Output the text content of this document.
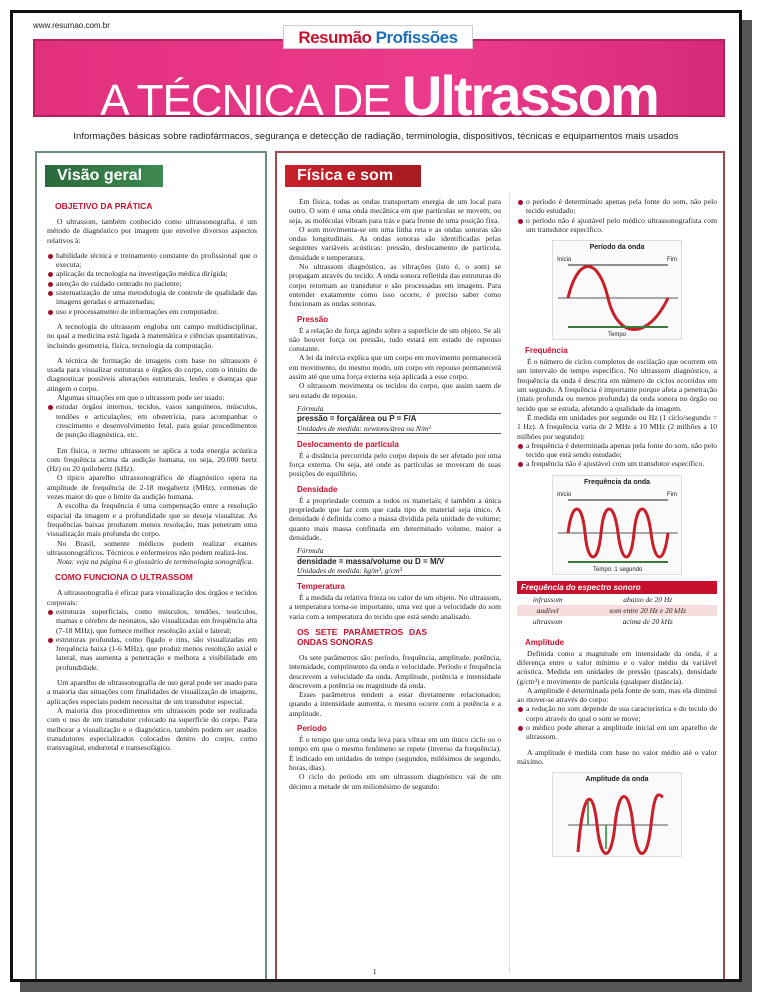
www.resumao.com.br
Resumão Profissões
A TÉCNICA DE Ultrassom
Informações básicas sobre radiofármacos, segurança e detecção de radiação, terminologia, dispositivos, técnicas e equipamentos mais usados
Visão geral
OBJETIVO DA PRÁTICA

O ultrassom, também conhecido como ultrassonografia, é um método de diagnóstico por imagem que envolve diversos aspectos relativos à:

habilidade técnica e treinamento constante do profissional que o executa;
aplicação da tecnologia na investigação médica dirigida;
atenção do cuidado centrado no paciente;
sistematização de uma metodologia de controle de qualidade das imagens geradas e armazenadas;
uso e processamento de informações em computador.

A tecnologia do ultrassom engloba um campo multidisciplinar, no qual a medicina está ligada à matemática e ciências quantitativas, incluindo geometria, física, tecnologia da computação.

A técnica de formação de imagens com base no ultrassom é usada para visualizar estruturas e órgãos do corpo, com o intuito de diagnosticar possíveis alterações estruturais, lesões e doenças que atingem o corpo.

Algumas situações em que o ultrassom pode ser usado:

estudar órgãos internos, tecidos, vasos sanguíneos, músculos, tendões e articulações; em obstetrícia, para acompanhar o crescimento e desenvolvimento fetal, para guiar procedimentos de punção diagnóstica, etc.

Em física, o termo ultrassom se aplica a toda energia acústica com frequência acima da audição humana, ou seja, 20.000 hertz (Hz) ou 20 quilohertz (kHz).

O típico aparelho ultrassonográfico de diagnóstico opera na amplitude de frequência de 2-18 megahertz (MHz), centenas de vezes maior do que o limite da audição humana.

A escolha da frequência é uma compensação entre a resolução espacial da imagem e a profundidade que se deseja visualizar. As frequências baixas produzem menos resolução, mas penetram uma visualização mais profunda do corpo.

No Brasil, somente médicos podem realizar exames ultrassonográficos. Técnicos e enfermeiros não podem realizá-los.

Nota: veja na página 6 o glossário de terminologia sonográfica.

COMO FUNCIONA O ULTRASSOM

A ultrassonografia é eficaz para visualização dos órgãos e tecidos corporais:

estruturas superficiais, como músculos, tendões, testículos, mamas e cérebro de neonatos, são visualizadas em frequência alta (7-18 MHz), que fornece melhor resolução axial e lateral;
estruturas profundas, como fígado e rins, são visualizadas em frequência baixa (1-6 MHz), que produz menos resolução axial e lateral, mas aumenta a penetração e melhora a visibilidade em profundidade.

Um aparelho de ultrassonografia de uso geral pode ser usado para a maioria das situações com finalidades de visualização de imagens, aplicações especiais podem necessitar de um transdutor especial.

A maioria dos procedimentos em ultrassom pode ser realizada com o uso de um transdutor colocado na superfície do corpo. Para melhorar a visualização e o diagnóstico, também podem ser usados transdutores especializados colocados dentro do corpo, como transvaginal, endorretal e transesofágico.

Física e som

Em física, todas as ondas transportam energia de um local para outro. O som é uma onda mecânica em que partículas se movem; ou seja, as moléculas vibram para trás e para frente de uma posição fixa.

O som movimenta-se em uma linha reta e as ondas sonoras são ondas longitudinais. As ondas sonoras são identificadas pelas seguintes variáveis acústicas: pressão, deslocamento de partícula, densidade e temperatura.

No ultrassom diagnóstico, as vibrações (isto é, o som) se propagam através do tecido. A onda sonora refletida das estruturas do corpo retornam ao transdutor e são processadas em imagens. Para entender exatamente como isso ocorre, é preciso saber como funcionam as ondas sonoras.

Pressão

É a relação de força agindo sobre a superfície de um objeto. Se ali não houver força ou pressão, tudo estará em estado de repouso constante.

A lei da inércia explica que um corpo em movimento permanecerá em movimento, do mesmo modo, um corpo em repouso permanecerá assim até que uma força externa seja aplicada a esse corpo.

O ultrassom movimenta os tecidos do corpo, que assim saem de seu estado de repouso.

Fórmula
pressão = força/área ou P = F/A
Unidades de medida: newtons/área ou N/m²
Deslocamento de partícula

É a distância percorrida pelo corpo depois de ser afetado por uma força externa. Ou seja, até onde as partículas se moveram de suas posições de equilíbrio.

Densidade

É a propriedade comum a todos os materiais; é também a única propriedade que faz com que cada tipo de material seja único. A densidade é definida como a massa dividida pela unidade de volume; quanto mais massa confinada em determinado volume, maior a densidade.

Fórmula
densidade = massa/volume ou D = M/V
Unidades de medida: kg/m³, g/cm³
Temperatura

É a medida da relativa frieza ou calor de um objeto. No ultrassom, a temperatura torna-se importante, uma vez que a velocidade do som varia com a temperatura do tecido que está sendo analisado.

OS SETE PARÂMETROS DAS ONDAS SONORAS

Os sete parâmetros são: período, frequência, amplitude, potência, intensidade, comprimento da onda e velocidade. Período e frequência descrevem a velocidade da onda. Amplitude, potência e intensidade descrevem a potência ou magnitude da onda.

Esses parâmetros tendem a estar diretamente relacionados; quando a intensidade aumenta, o mesmo ocorre com a potência e a amplitude.

Período

É o tempo que uma onda leva para vibrar em um único ciclo ou o tempo em que o mesmo fenômeno se repete (inverso da frequência). É indicado em unidades de tempo (segundos, milésimos de segundo, horas, dias).

O ciclo do período em um ultrassom diagnóstico vai de um décimo a metade de um milionésimo de segundo:

o período é determinado apenas pela fonte do som, não pelo tecido estudado;
o período não é ajustável pelo médico ultrassonografista com um transdutor específico.
Período da onda
Início	Fim
Tempo
Frequência

É o número de ciclos completos de oscilação que ocorrem em um intervalo de tempo específico. No ultrassom diagnóstico, a frequência da onda é descrita em número de ciclos ocorridos em um segundo. A frequência é importante porque afeta a penetração (mais profunda ou menos profunda) da onda sonora no órgão ou tecido que se estuda, afetando a qualidade da imagem.

É medida em unidades por segundo ou Hz (1 ciclo/segundo = 1 Hz). A frequência varia de 2 MHz a 10 MHz (2 milhões a 10 milhões por segundo):

a frequência é determinada apenas pela fonte do som, não pelo tecido que está sendo estudado;
a frequência não é ajustável com um transdutor específico.
Frequência da onda
Início	Fim
Tempo: 1 segundo
Frequência do espectro sonoro	
infrassom	abaixo de 20 Hz
audível	som entre 20 Hz e 20 kHz
ultrassom	acima de 20 kHz
Amplitude

Definida como a magnitude em intensidade da onda, é a diferença entre o valor mínimo e o valor médio da variável acústica. Medida em unidades de pressão (pascals), densidade (g/cm³) e movimento de partícula (qualquer distância).

A amplitude é determinada pela fonte de som, mas ela diminui ao mover-se através do corpo:

a redução no som depende de sua característica e do tecido do corpo através do qual o som se move;
o médico pode alterar a amplitude inicial em um aparelho de ultrassom.

A amplitude é medida com base no valor médio até o valor máximo.

Amplitude da onda
1
